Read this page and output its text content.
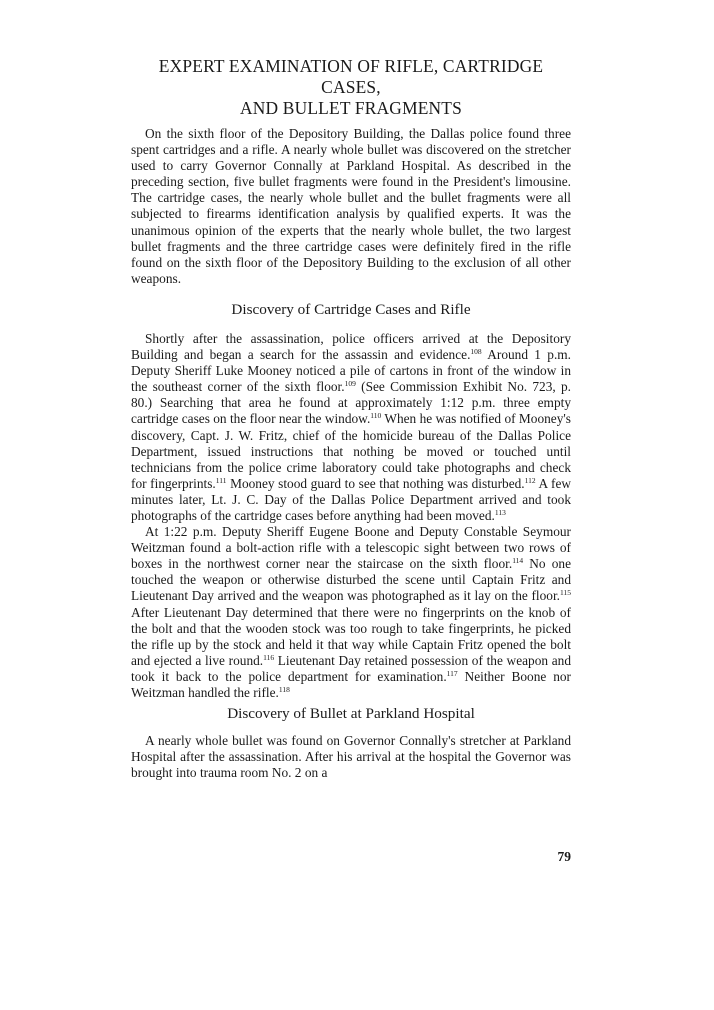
EXPERT EXAMINATION OF RIFLE, CARTRIDGE CASES,
AND BULLET FRAGMENTS

On the sixth floor of the Depository Building, the Dallas police found three spent cartridges and a rifle. A nearly whole bullet was discovered on the stretcher used to carry Governor Connally at Parkland Hospital. As described in the preceding section, five bullet fragments were found in the President's limousine. The cartridge cases, the nearly whole bullet and the bullet fragments were all subjected to firearms identification analysis by qualified experts. It was the unanimous opinion of the experts that the nearly whole bullet, the two largest bullet fragments and the three cartridge cases were definitely fired in the rifle found on the sixth floor of the Depository Building to the exclusion of all other weapons.

Discovery of Cartridge Cases and Rifle

Shortly after the assassination, police officers arrived at the Depository Building and began a search for the assassin and evidence.$^{108}$ Around 1 p.m. Deputy Sheriff Luke Mooney noticed a pile of cartons in front of the window in the southeast corner of the sixth floor.$^{109}$ (See Commission Exhibit No. 723, p. 80.) Searching that area he found at approximately 1:12 p.m. three empty cartridge cases on the floor near the window.$^{110}$ When he was notified of Mooney's discovery, Capt. J. W. Fritz, chief of the homicide bureau of the Dallas Police Department, issued instructions that nothing be moved or touched until technicians from the police crime laboratory could take photographs and check for fingerprints.$^{111}$ Mooney stood guard to see that nothing was disturbed.$^{112}$ A few minutes later, Lt. J. C. Day of the Dallas Police Department arrived and took photographs of the cartridge cases before anything had been moved.$^{113}$

At 1:22 p.m. Deputy Sheriff Eugene Boone and Deputy Constable Seymour Weitzman found a bolt-action rifle with a telescopic sight between two rows of boxes in the northwest corner near the staircase on the sixth floor.$^{114}$ No one touched the weapon or otherwise disturbed the scene until Captain Fritz and Lieutenant Day arrived and the weapon was photographed as it lay on the floor.$^{115}$ After Lieutenant Day determined that there were no fingerprints on the knob of the bolt and that the wooden stock was too rough to take fingerprints, he picked the rifle up by the stock and held it that way while Captain Fritz opened the bolt and ejected a live round.$^{116}$ Lieutenant Day retained possession of the weapon and took it back to the police department for examination.$^{117}$ Neither Boone nor Weitzman handled the rifle.$^{118}$

Discovery of Bullet at Parkland Hospital

A nearly whole bullet was found on Governor Connally's stretcher at Parkland Hospital after the assassination. After his arrival at the hospital the Governor was brought into trauma room No. 2 on a

79
